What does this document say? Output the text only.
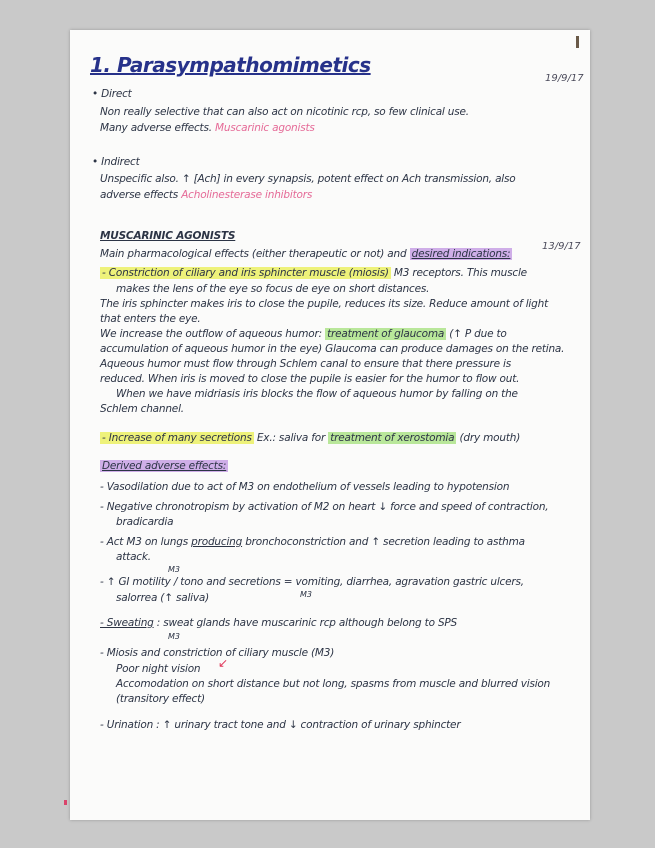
1. Parasympathomimetics
19/9/17
• Direct
Non really selective that can also act on nicotinic rcp, so few clinical use.
Many adverse effects. Muscarinic agonists
• Indirect
Unspecific also. ↑ [Ach] in every synapsis, potent effect on Ach transmission, also
adverse effects Acholinesterase inhibitors
MUSCARINIC AGONISTS
Main pharmacological effects (either therapeutic or not) and desired indications:
13/9/17
- Constriction of ciliary and iris sphincter muscle (miosis) M3 receptors. This muscle
makes the lens of the eye so focus de eye on short distances.
The iris sphincter makes iris to close the pupile, reduces its size. Reduce amount of light
that enters the eye.
We increase the outflow of aqueous humor: treatment of glaucoma (↑ P due to
accumulation of aqueous humor in the eye) Glaucoma can produce damages on the retina.
Aqueous humor must flow through Schlem canal to ensure that there pressure is
reduced. When iris is moved to close the pupile is easier for the humor to flow out.
When we have midriasis iris blocks the flow of aqueous humor by falling on the
Schlem channel.
- Increase of many secretions Ex.: saliva for treatment of xerostomia (dry mouth)
Derived adverse effects:
- Vasodilation due to act of M3 on endothelium of vessels leading to hypotension
- Negative chronotropism by activation of M2 on heart ↓ force and speed of contraction,
bradicardia
- Act M3 on lungs producing bronchoconstriction and ↑ secretion leading to asthma
attack.
M3
- ↑ GI motility / tono and secretions = vomiting, diarrhea, agravation gastric ulcers,
M3
salorrea (↑ saliva)
- Sweating : sweat glands have muscarinic rcp although belong to SPS
M3
- Miosis and constriction of ciliary muscle (M3)
↙
Poor night vision
Accomodation on short distance but not long, spasms from muscle and blurred vision
(transitory effect)
- Urination : ↑ urinary tract tone and ↓ contraction of urinary sphincter
